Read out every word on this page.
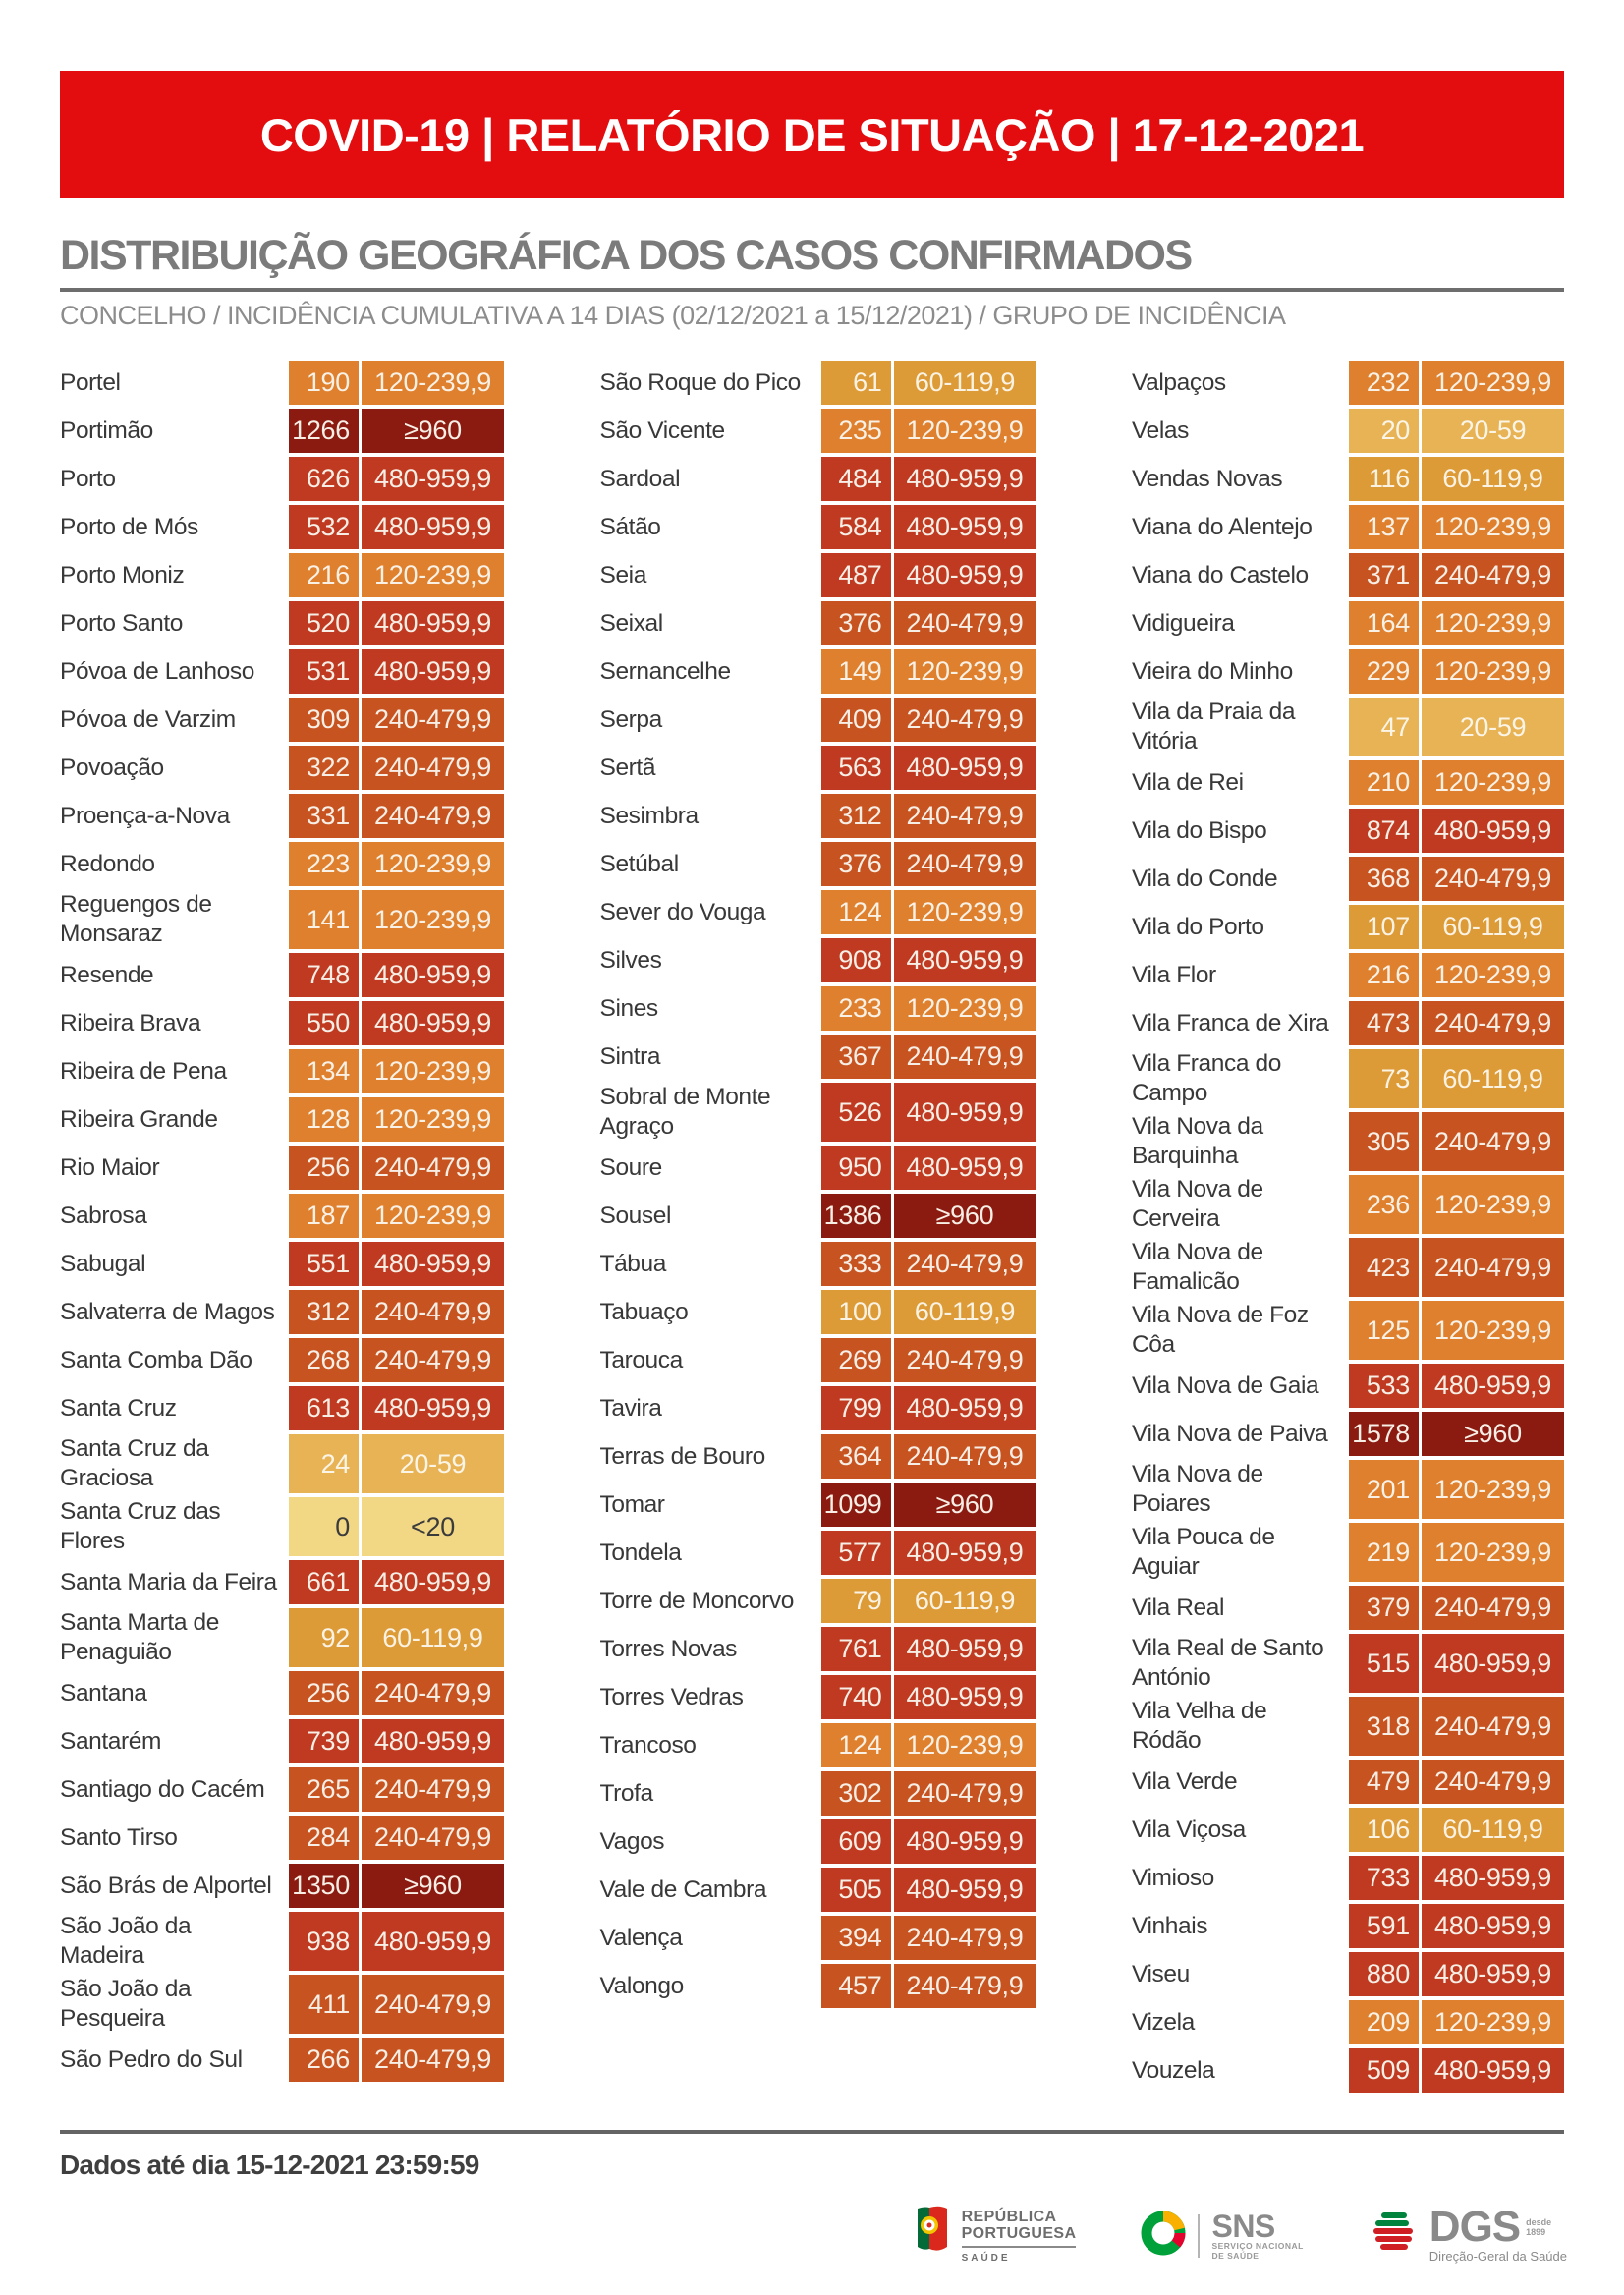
COVID-19 | RELATÓRIO DE SITUAÇÃO | 17-12-2021
DISTRIBUIÇÃO GEOGRÁFICA DOS CASOS CONFIRMADOS
CONCELHO / INCIDÊNCIA CUMULATIVA A 14 DIAS (02/12/2021 a 15/12/2021) / GRUPO DE INCIDÊNCIA
Portel	190 120-239,9
Portimão	1266	≥960
Porto	626 480-959,9
Porto de Mós	532 480-959,9
Porto Moniz	216 120-239,9
Porto Santo	520 480-959,9
Póvoa de Lanhoso	531 480-959,9
Póvoa de Varzim	309 240-479,9
Povoação	322 240-479,9
Proença-a-Nova	331 240-479,9
Redondo	223 120-239,9
Reguengos de Monsaraz	141 120-239,9
Resende	748 480-959,9
Ribeira Brava	550 480-959,9
Ribeira de Pena	134 120-239,9
Ribeira Grande	128 120-239,9
Rio Maior	256 240-479,9
Sabrosa	187 120-239,9
Sabugal	551 480-959,9
Salvaterra de Magos	312 240-479,9
Santa Comba Dão	268 240-479,9
Santa Cruz	613 480-959,9
Santa Cruz da Graciosa	24	20-59
Santa Cruz das Flores	0	<20
Santa Maria da Feira	661 480-959,9
Santa Marta de Penaguião	92	60-119,9
Santana	256 240-479,9
Santarém	739 480-959,9
Santiago do Cacém	265 240-479,9
Santo Tirso	284 240-479,9
São Brás de Alportel 1350	≥960
São João da Madeira	938 480-959,9
São João da Pesqueira	411 240-479,9
São Pedro do Sul	266 240-479,9
São Roque do Pico	61	60-119,9
São Vicente	235 120-239,9
Sardoal	484 480-959,9
Sátão	584 480-959,9
Seia	487 480-959,9
Seixal	376 240-479,9
Sernancelhe	149 120-239,9
Serpa	409 240-479,9
Sertã	563 480-959,9
Sesimbra	312 240-479,9
Setúbal	376 240-479,9
Sever do Vouga	124 120-239,9
Silves	908 480-959,9
Sines	233 120-239,9
Sintra	367 240-479,9
Sobral de Monte Agraço	526 480-959,9
Soure	950 480-959,9
Sousel	1386	≥960
Tábua	333 240-479,9
Tabuaço	100	60-119,9
Tarouca	269 240-479,9
Tavira	799 480-959,9
Terras de Bouro	364 240-479,9
Tomar	1099	≥960
Tondela	577 480-959,9
Torre de Moncorvo	79	60-119,9
Torres Novas	761 480-959,9
Torres Vedras	740 480-959,9
Trancoso	124 120-239,9
Trofa	302 240-479,9
Vagos	609 480-959,9
Vale de Cambra	505 480-959,9
Valença	394 240-479,9
Valongo	457 240-479,9
Valpaços	232 120-239,9
Velas	20	20-59
Vendas Novas	116	60-119,9
Viana do Alentejo	137 120-239,9
Viana do Castelo	371 240-479,9
Vidigueira	164 120-239,9
Vieira do Minho	229 120-239,9
Vila da Praia da Vitória	47	20-59
Vila de Rei	210 120-239,9
Vila do Bispo	874 480-959,9
Vila do Conde	368 240-479,9
Vila do Porto	107	60-119,9
Vila Flor	216 120-239,9
Vila Franca de Xira	473 240-479,9
Vila Franca do Campo	73	60-119,9
Vila Nova da Barquinha	305 240-479,9
Vila Nova de Cerveira	236 120-239,9
Vila Nova de Famalicão	423 240-479,9
Vila Nova de Foz Côa	125 120-239,9
Vila Nova de Gaia	533 480-959,9
Vila Nova de Paiva 1578	≥960
Vila Nova de Poiares	201 120-239,9
Vila Pouca de Aguiar	219 120-239,9
Vila Real	379 240-479,9
Vila Real de Santo António	515 480-959,9
Vila Velha de Ródão	318 240-479,9
Vila Verde	479 240-479,9
Vila Viçosa	106	60-119,9
Vimioso	733 480-959,9
Vinhais	591 480-959,9
Viseu	880 480-959,9
Vizela	209 120-239,9
Vouzela	509 480-959,9
Dados até dia 15-12-2021 23:59:59
REPÚBLICA
PORTUGUESA
SAÚDE
SNS
SERVIÇO NACIONAL
DE SAÚDE
DGS desde
1899
Direção-Geral da Saúde
